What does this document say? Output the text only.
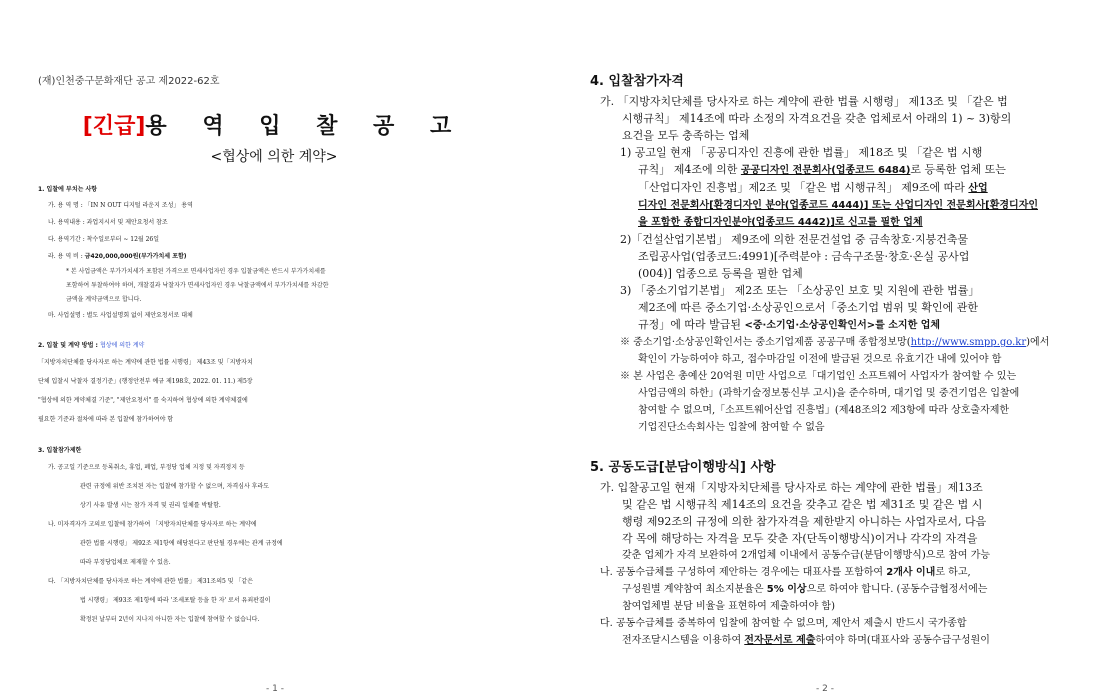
(재)인천중구문화재단 공고 제2022-62호
[긴급]용 역 입 찰 공 고
<협상에 의한 계약>
1. 입찰에 부치는 사항

가. 용 역 명 : 「IN N OUT 디지털 라운지 조성」 용역

나. 용역내용 : 과업지시서 및 제안요청서 참조

다. 용역기간 : 착수일로부터 ~ 12월 26일

라. 용 역 비 : 금420,000,000원(부가가치세 포함)

* 본 사업금액은 부가가치세가 포함된 가격으로 면세사업자인 경우 입찰금액은 반드시 부가가치세를

포함하여 투찰하여야 하며, 개찰결과 낙찰자가 면세사업자인 경우 낙찰금액에서 부가가치세를 차감한

금액을 계약금액으로 합니다.

마. 사업설명 : 별도 사업설명회 없이 제안요청서로 대체

2. 입찰 및 계약 방법 : 협상에 의한 계약

「지방자치단체를 당사자로 하는 계약에 관한 법률 시행령」 제43조 및「지방자치

단체 입찰시 낙찰자 결정기준」(행정안전부 예규 제198호, 2022. 01. 11.) 제5장

"협상에 의한 계약체결 기준", "제안요청서" 를 숙지하여 협상에 의한 계약체결에

필요한 기준과 절차에 따라 본 입찰에 참가하여야 함

3. 입찰참가제한

가. 공고일 기준으로 등록취소, 휴업, 폐업, 부정당 업체 지정 및 자격정지 등

관련 규정에 위반 조치된 자는 입찰에 참가할 수 없으며, 자격심사 후라도

상기 사유 발생 시는 참가 자격 및 권리 일체를 박탈함.

나. 미자격자가 고의로 입찰에 참가하여 「지방자치단체를 당사자로 하는 계약에

관한 법률 시행령」 제92조 제1항에 해당된다고 판단될 경우에는 관계 규정에

따라 부정당업체로 제재할 수 있음.

다. 「지방자치단체를 당사자로 하는 계약에 관한 법률」 제31조의5 및 「같은

법 시행령」 제93조 제1항에 따라 '조세포탈 등을 한 자' 로서 유죄판결이

확정된 날부터 2년이 지나지 아니한 자는 입찰에 참여할 수 없습니다.

- 1 -
4. 입찰참가자격

가. 「지방자치단체를 당사자로 하는 계약에 관한 법률 시행령」 제13조 및 「같은 법

시행규칙」 제14조에 따라 소정의 자격요건을 갖춘 업체로서 아래의 1) ~ 3)항의

요건을 모두 충족하는 업체

1) 공고일 현재 「공공디자인 진흥에 관한 법률」 제18조 및 「같은 법 시행

규칙」 제4조에 의한 공공디자인 전문회사(업종코드 6484)로 등록한 업체 또는

「산업디자인 진흥법」제2조 및 「같은 법 시행규칙」 제9조에 따라 산업

디자인 전문회사[환경디자인 분야(업종코드 4444)] 또는 산업디자인 전문회사[환경디자인

을 포함한 종합디자인분야(업종코드 4442)]로 신고를 필한 업체

2)「건설산업기본법」 제9조에 의한 전문건설업 중 금속창호·지붕건축물

조립공사업(업종코드:4991)[주력분야 : 금속구조물·창호·온실 공사업

(004)] 업종으로 등록을 필한 업체

3) 「중소기업기본법」 제2조 또는 「소상공인 보호 및 지원에 관한 법률」

제2조에 따른 중소기업·소상공인으로서「중소기업 범위 및 확인에 관한

규정」에 따라 발급된 <중·소기업·소상공인확인서>를 소지한 업체

※ 중소기업·소상공인확인서는 중소기업제품 공공구매 종합정보망(http://www.smpp.go.kr)에서

확인이 가능하여야 하고, 접수마감일 이전에 발급된 것으로 유효기간 내에 있어야 함

※ 본 사업은 총예산 20억원 미만 사업으로「대기업인 소프트웨어 사업자가 참여할 수 있는

사업금액의 하한」(과학기술정보통신부 고시)을 준수하며, 대기업 및 중견기업은 입찰에

참여할 수 없으며,「소프트웨어산업 진흥법」(제48조의2 제3항에 따라 상호출자제한

기업진단소속회사는 입찰에 참여할 수 없음

5. 공동도급[분담이행방식] 사항

가. 입찰공고일 현재「지방자치단체를 당사자로 하는 계약에 관한 법률」제13조

및 같은 법 시행규칙 제14조의 요건을 갖추고 같은 법 제31조 및 같은 법 시

행령 제92조의 규정에 의한 참가자격을 제한받지 아니하는 사업자로서, 다음

각 목에 해당하는 자격을 모두 갖춘 자(단독이행방식)이거나 각각의 자격을

갖춘 업체가 자격 보완하여 2개업체 이내에서 공동수급(분담이행방식)으로 참여 가능

나. 공동수급체를 구성하여 제안하는 경우에는 대표사를 포함하여 2개사 이내로 하고,

구성원별 계약참여 최소지분율은 5% 이상으로 하여야 합니다. (공동수급협정서에는

참여업체별 분담 비율을 표현하여 제출하여야 함)

다. 공동수급체를 중복하여 입찰에 참여할 수 없으며, 제안서 제출시 반드시 국가종합

전자조달시스템을 이용하여 전자문서로 제출하여야 하며(대표사와 공동수급구성원이

- 2 -
